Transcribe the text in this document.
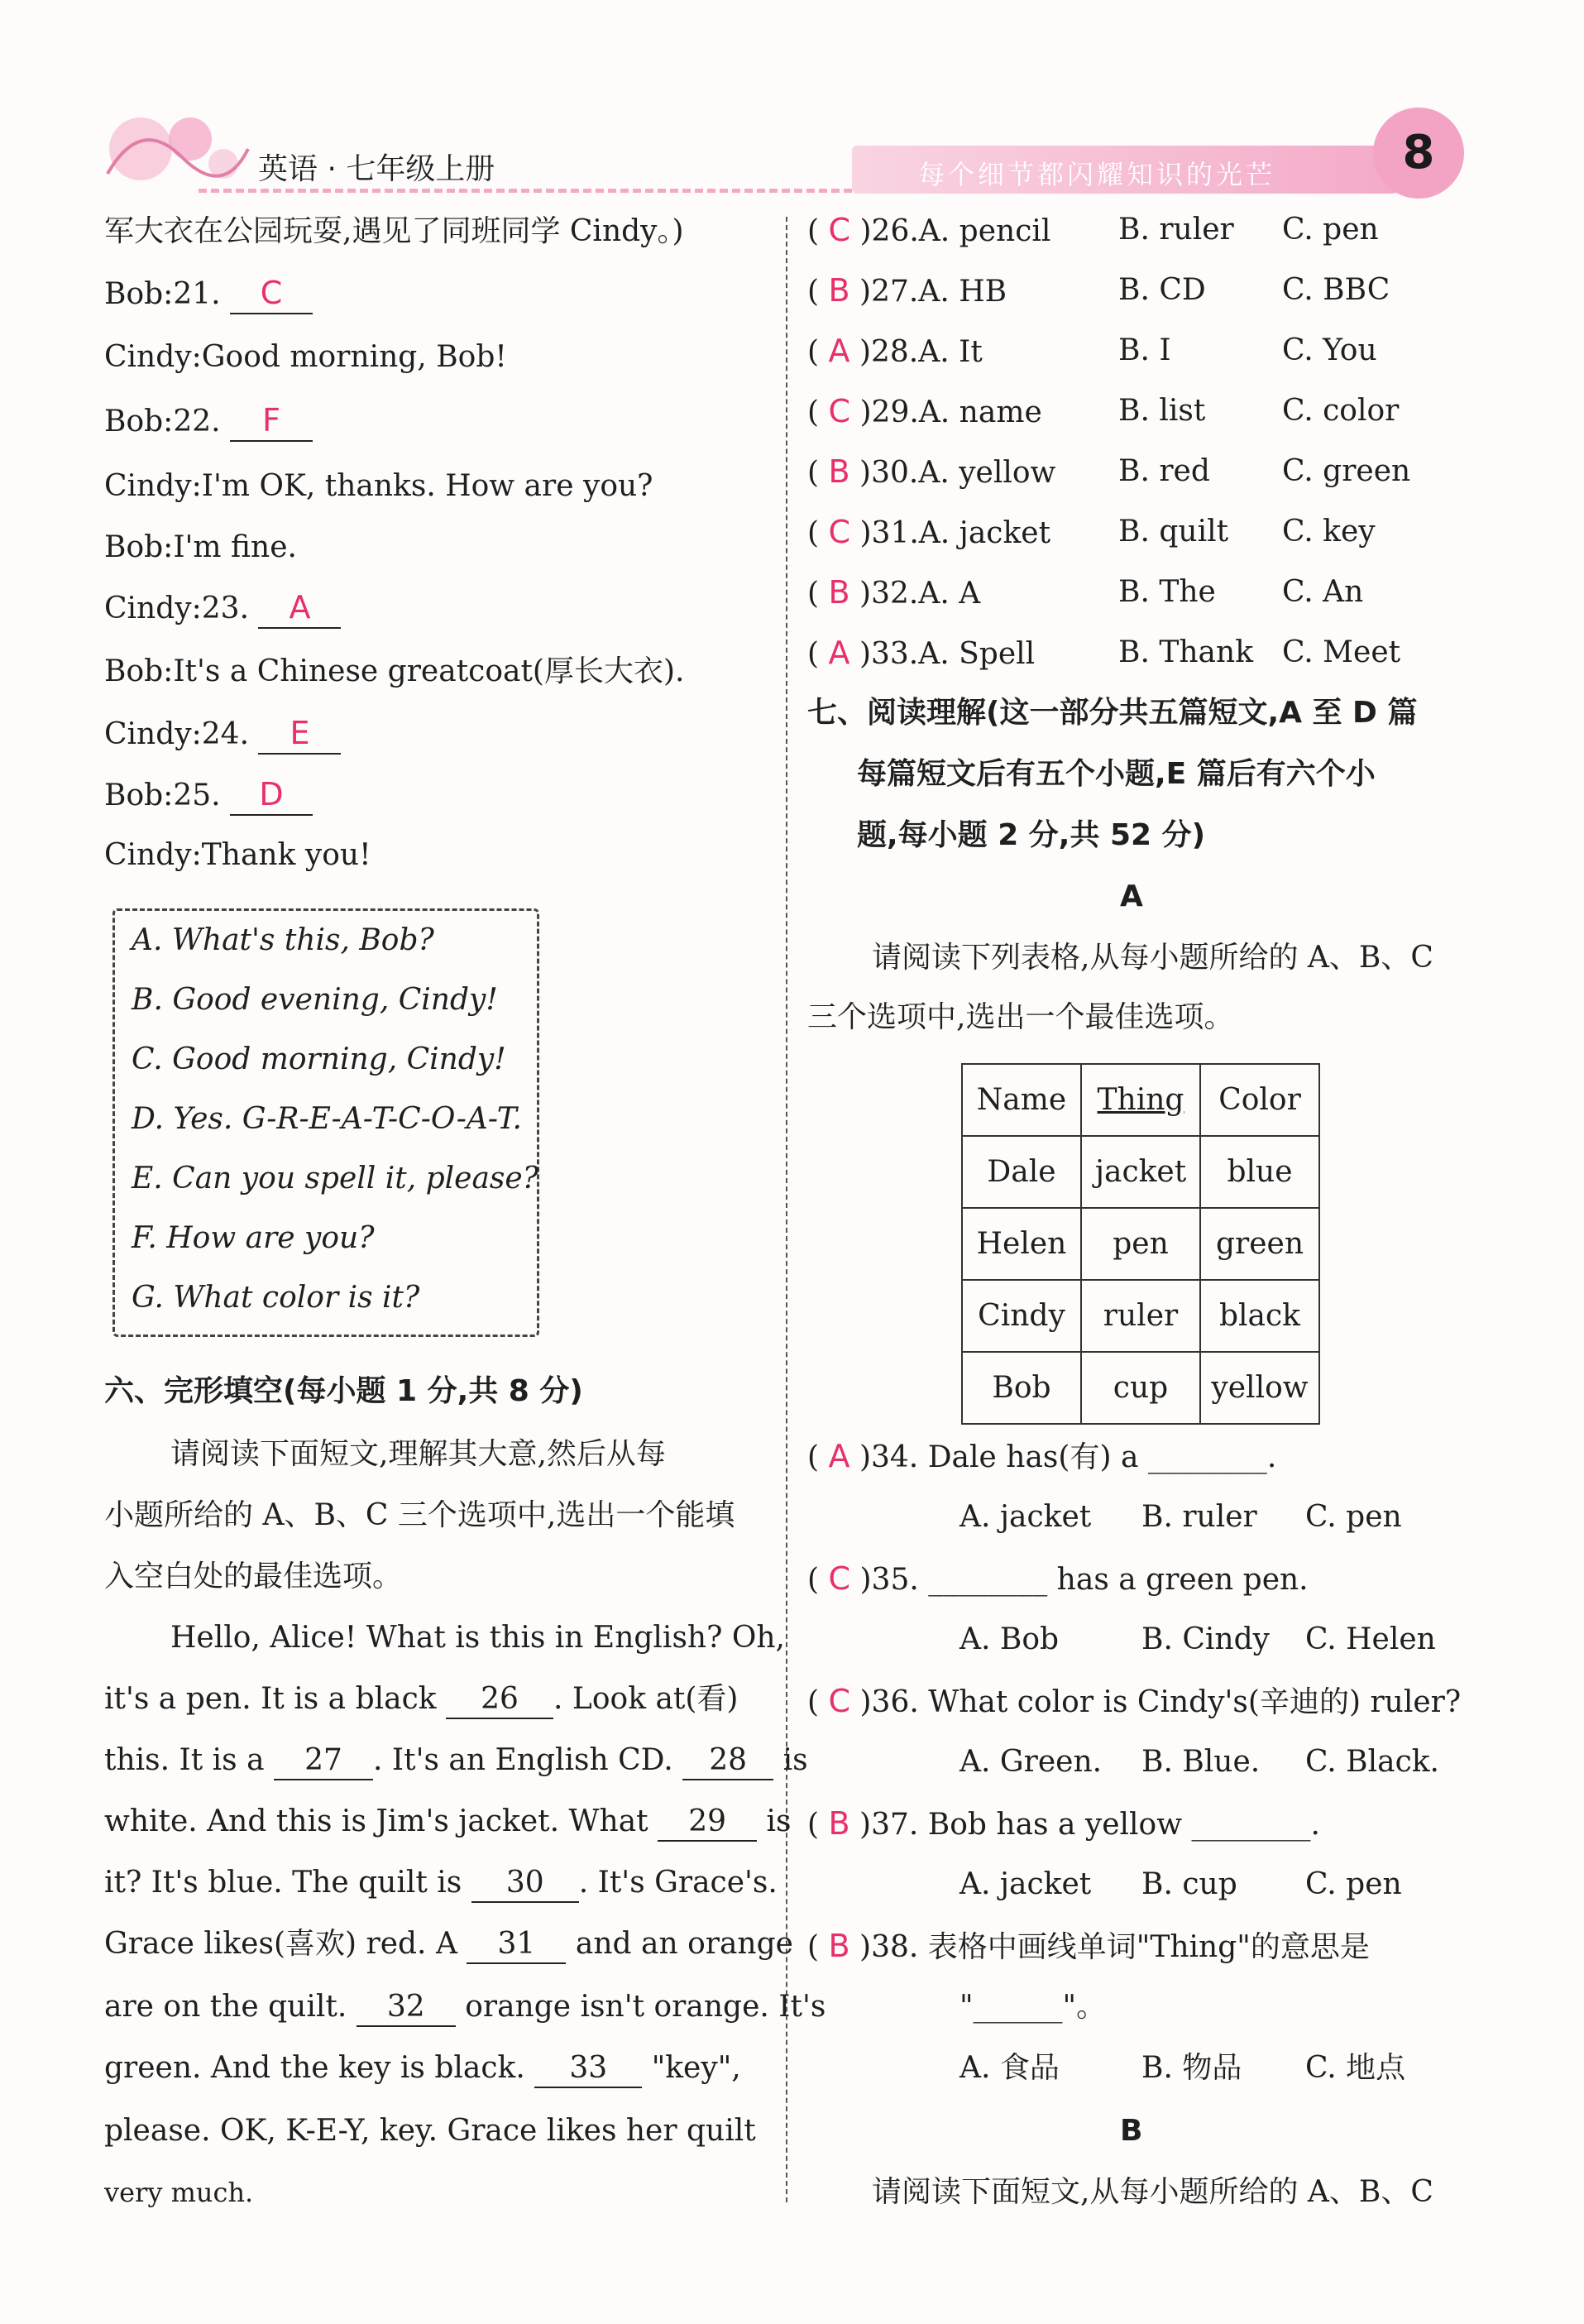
英语 · 七年级上册	每个细节都闪耀知识的光芒	8
军大衣在公园玩耍,遇见了同班同学 Cindy。)
Bob:21. C
Cindy:Good morning, Bob!
Bob:22. F
Cindy:I'm OK, thanks. How are you?
Bob:I'm fine.
Cindy:23. A
Bob:It's a Chinese greatcoat(厚长大衣).
Cindy:24. E
Bob:25. D
Cindy:Thank you!
A. What's this, Bob?
B. Good evening, Cindy!
C. Good morning, Cindy!
D. Yes. G-R-E-A-T-C-O-A-T.
E. Can you spell it, please?
F. How are you?
G. What color is it?
六、完形填空(每小题 1 分,共 8 分)
请阅读下面短文,理解其大意,然后从每
小题所给的 A、B、C 三个选项中,选出一个能填
入空白处的最佳选项。
Hello, Alice! What is this in English? Oh,
it's a pen. It is a black 26 . Look at(看)
this. It is a 27 . It's an English CD. 28 is
white. And this is Jim's jacket. What 29 is
it? It's blue. The quilt is 30 . It's Grace's.
Grace likes(喜欢) red. A 31 and an orange
are on the quilt. 32 orange isn't orange. It's
green. And the key is black. 33 "key",
please. OK, K-E-Y, key. Grace likes her quilt
very much.
( C )26.A. pencil B. ruler C. pen
( B )27.A. HB	B. CD	C. BBC
( A )28.A. It	B. I	C. You
( C )29.A. name	B. list	C. color
( B )30.A. yellow B. red C. green
( C )31.A. jacket B. quilt C. key
( B )32.A. A	B. The C. An
( A )33.A. Spell	B. Thank C. Meet
七、阅读理解(这一部分共五篇短文,A 至 D 篇
每篇短文后有五个小题,E 篇后有六个小
题,每小题 2 分,共 52 分)
A
请阅读下列表格,从每小题所给的 A、B、C
三个选项中,选出一个最佳选项。
Name	Thing	Color
Dale	jacket	blue
Helen	pen	green
Cindy	ruler	black
Bob	cup	yellow
( A )34. Dale has(有) a ________.
A. jacket B. ruler C. pen
( C )35. ________ has a green pen.
A. Bob	B. Cindy C. Helen
( C )36. What color is Cindy's(辛迪的) ruler?
A. Green. B. Blue. C. Black.
( B )37. Bob has a yellow ________.
A. jacket B. cup C. pen
( B )38. 表格中画线单词"Thing"的意思是
"______"。
A. 食品	B. 物品 C. 地点
B
请阅读下面短文,从每小题所给的 A、B、C
